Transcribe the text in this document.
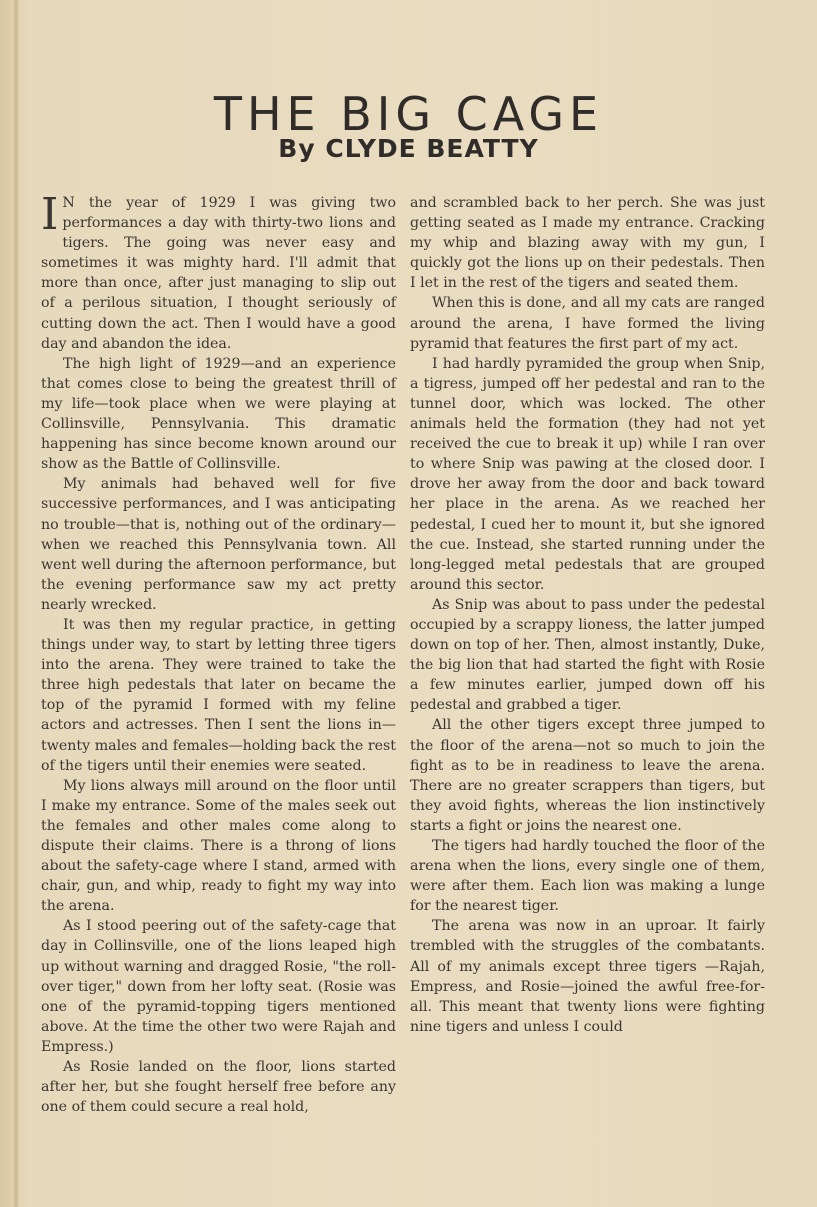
THE BIG CAGE
By CLYDE BEATTY

I N the year of 1929 I was giving two performances a day with thirty-two lions and tigers. The going was never easy and sometimes it was mighty hard. I'll admit that more than once, after just managing to slip out of a perilous situation, I thought seriously of cutting down the act. Then I would have a good day and abandon the idea.

The high light of 1929—and an experience that comes close to being the greatest thrill of my life—took place when we were playing at Collinsville, Pennsylvania. This dramatic happening has since become known around our show as the Battle of Collinsville.

My animals had behaved well for five successive performances, and I was anticipating no trouble—that is, nothing out of the ordinary—when we reached this Pennsylvania town. All went well during the afternoon performance, but the evening performance saw my act pretty nearly wrecked.

It was then my regular practice, in getting things under way, to start by letting three tigers into the arena. They were trained to take the three high pedestals that later on became the top of the pyramid I formed with my feline actors and actresses. Then I sent the lions in—twenty males and females—holding back the rest of the tigers until their enemies were seated.

My lions always mill around on the floor until I make my entrance. Some of the males seek out the females and other males come along to dispute their claims. There is a throng of lions about the safety-cage where I stand, armed with chair, gun, and whip, ready to fight my way into the arena.

As I stood peering out of the safety-cage that day in Collinsville, one of the lions leaped high up without warning and dragged Rosie, "the roll-over tiger," down from her lofty seat. (Rosie was one of the pyramid-topping tigers mentioned above. At the time the other two were Rajah and Empress.)

As Rosie landed on the floor, lions started after her, but she fought herself free before any one of them could secure a real hold,

and scrambled back to her perch. She was just getting seated as I made my entrance. Cracking my whip and blazing away with my gun, I quickly got the lions up on their pedestals. Then I let in the rest of the tigers and seated them.

When this is done, and all my cats are ranged around the arena, I have formed the living pyramid that features the first part of my act.

I had hardly pyramided the group when Snip, a tigress, jumped off her pedestal and ran to the tunnel door, which was locked. The other animals held the formation (they had not yet received the cue to break it up) while I ran over to where Snip was pawing at the closed door. I drove her away from the door and back toward her place in the arena. As we reached her pedestal, I cued her to mount it, but she ignored the cue. Instead, she started running under the long-legged metal pedestals that are grouped around this sector.

As Snip was about to pass under the pedestal occupied by a scrappy lioness, the latter jumped down on top of her. Then, almost instantly, Duke, the big lion that had started the fight with Rosie a few minutes earlier, jumped down off his pedestal and grabbed a tiger.

All the other tigers except three jumped to the floor of the arena—not so much to join the fight as to be in readiness to leave the arena. There are no greater scrappers than tigers, but they avoid fights, whereas the lion instinctively starts a fight or joins the nearest one.

The tigers had hardly touched the floor of the arena when the lions, every single one of them, were after them. Each lion was making a lunge for the nearest tiger.

The arena was now in an uproar. It fairly trembled with the struggles of the combatants. All of my animals except three tigers —Rajah, Empress, and Rosie—joined the awful free-for-all. This meant that twenty lions were fighting nine tigers and unless I could
